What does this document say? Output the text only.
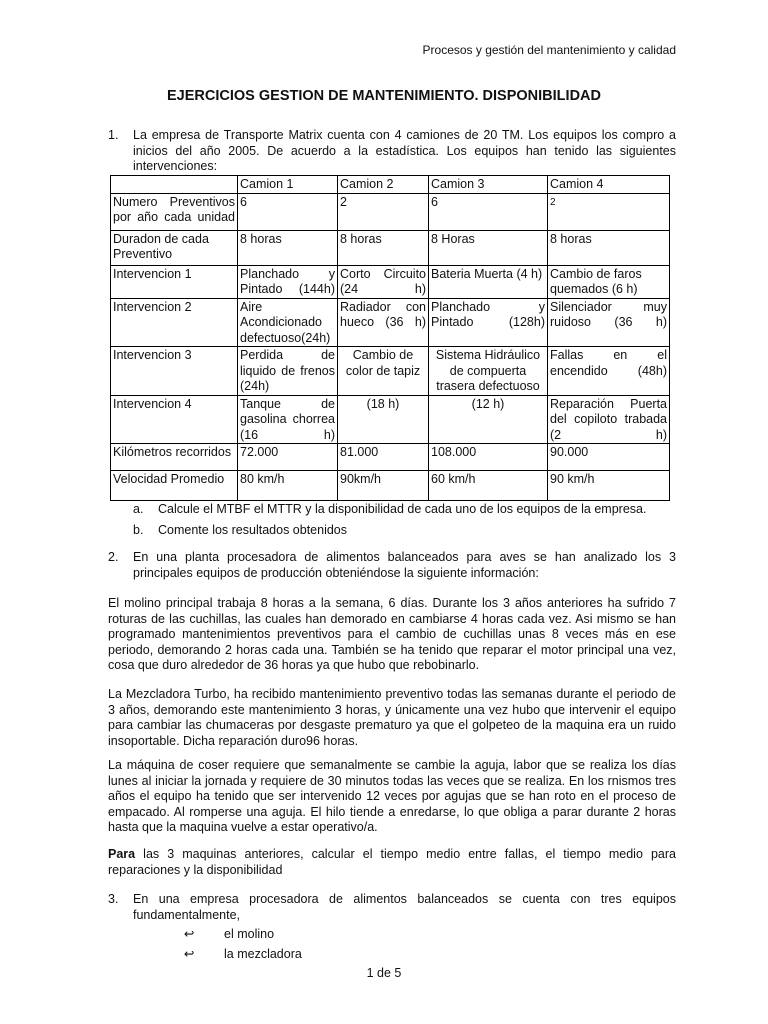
Procesos y gestión del mantenimiento y calidad
EJERCICIOS GESTION DE MANTENIMIENTO. DISPONIBILIDAD
1. La empresa de Transporte Matrix cuenta con 4 camiones de 20 TM. Los equipos los compro a inicios del año 2005. De acuerdo a la estadística. Los equipos han tenido las siguientes intervenciones:
	Camion 1	Camion 2	Camion 3	Camion 4
Numero Preventivos por año cada unidad	6	2	6	2
Duradon de cada Preventivo	8 horas	8 horas	8 Horas	8 horas
Intervencion 1	Planchado y Pintado (144h)	Corto Circuito (24 h)	Bateria Muerta (4 h)	Cambio de faros quemados (6 h)
Intervencion 2	Aire Acondicionado defectuoso(24h)	Radiador con hueco (36 h)	Planchado y Pintado (128h)	Silenciador muy ruidoso (36 h)
Intervencion 3	Perdida de liquido de frenos (24h)	Cambio de color de tapiz	Sistema Hidráulico de compuerta trasera defectuoso	Fallas en el encendido (48h)
Intervencion 4	Tanque de gasolina chorrea (16 h)	(18 h)	(12 h)	Reparación Puerta del copiloto trabada (2 h)
Kilómetros recorridos	72.000	81.000	108.000	90.000
Velocidad Promedio	80 km/h	90km/h	60 km/h	90 km/h
a. Calcule el MTBF el MTTR y la disponibilidad de cada uno de los equipos de la empresa.
b. Comente los resultados obtenidos
2. En una planta procesadora de alimentos balanceados para aves se han analizado los 3 principales equipos de producción obteniéndose la siguiente información:
El molino principal trabaja 8 horas a la semana, 6 días. Durante los 3 años anteriores ha sufrido 7 roturas de las cuchillas, las cuales han demorado en cambiarse 4 horas cada vez. Asi mismo se han programado mantenimientos preventivos para el cambio de cuchillas unas 8 veces más en ese periodo, demorando 2 horas cada una. También se ha tenido que reparar el motor principal una vez, cosa que duro alrededor de 36 horas ya que hubo que rebobinarlo.
La Mezcladora Turbo, ha recibido mantenimiento preventivo todas las semanas durante el periodo de 3 años, demorando este mantenimiento 3 horas, y únicamente una vez hubo que intervenir el equipo para cambiar las chumaceras por desgaste prematuro ya que el golpeteo de la maquina era un ruido insoportable. Dicha reparación duro96 horas.
La máquina de coser requiere que semanalmente se cambie la aguja, labor que se realiza los días lunes al iniciar la jornada y requiere de 30 minutos todas las veces que se realiza. En los rnismos tres años el equipo ha tenido que ser intervenido 12 veces por agujas que se han roto en el proceso de empacado. Al romperse una aguja. El hilo tiende a enredarse, lo que obliga a parar durante 2 horas hasta que la maquina vuelve a estar operativo/a.
Para las 3 maquinas anteriores, calcular el tiempo medio entre fallas, el tiempo medio para reparaciones y la disponibilidad
3. En una empresa procesadora de alimentos balanceados se cuenta con tres equipos fundamentalmente,
↩ el molino
↩ la mezcladora
1 de 5
